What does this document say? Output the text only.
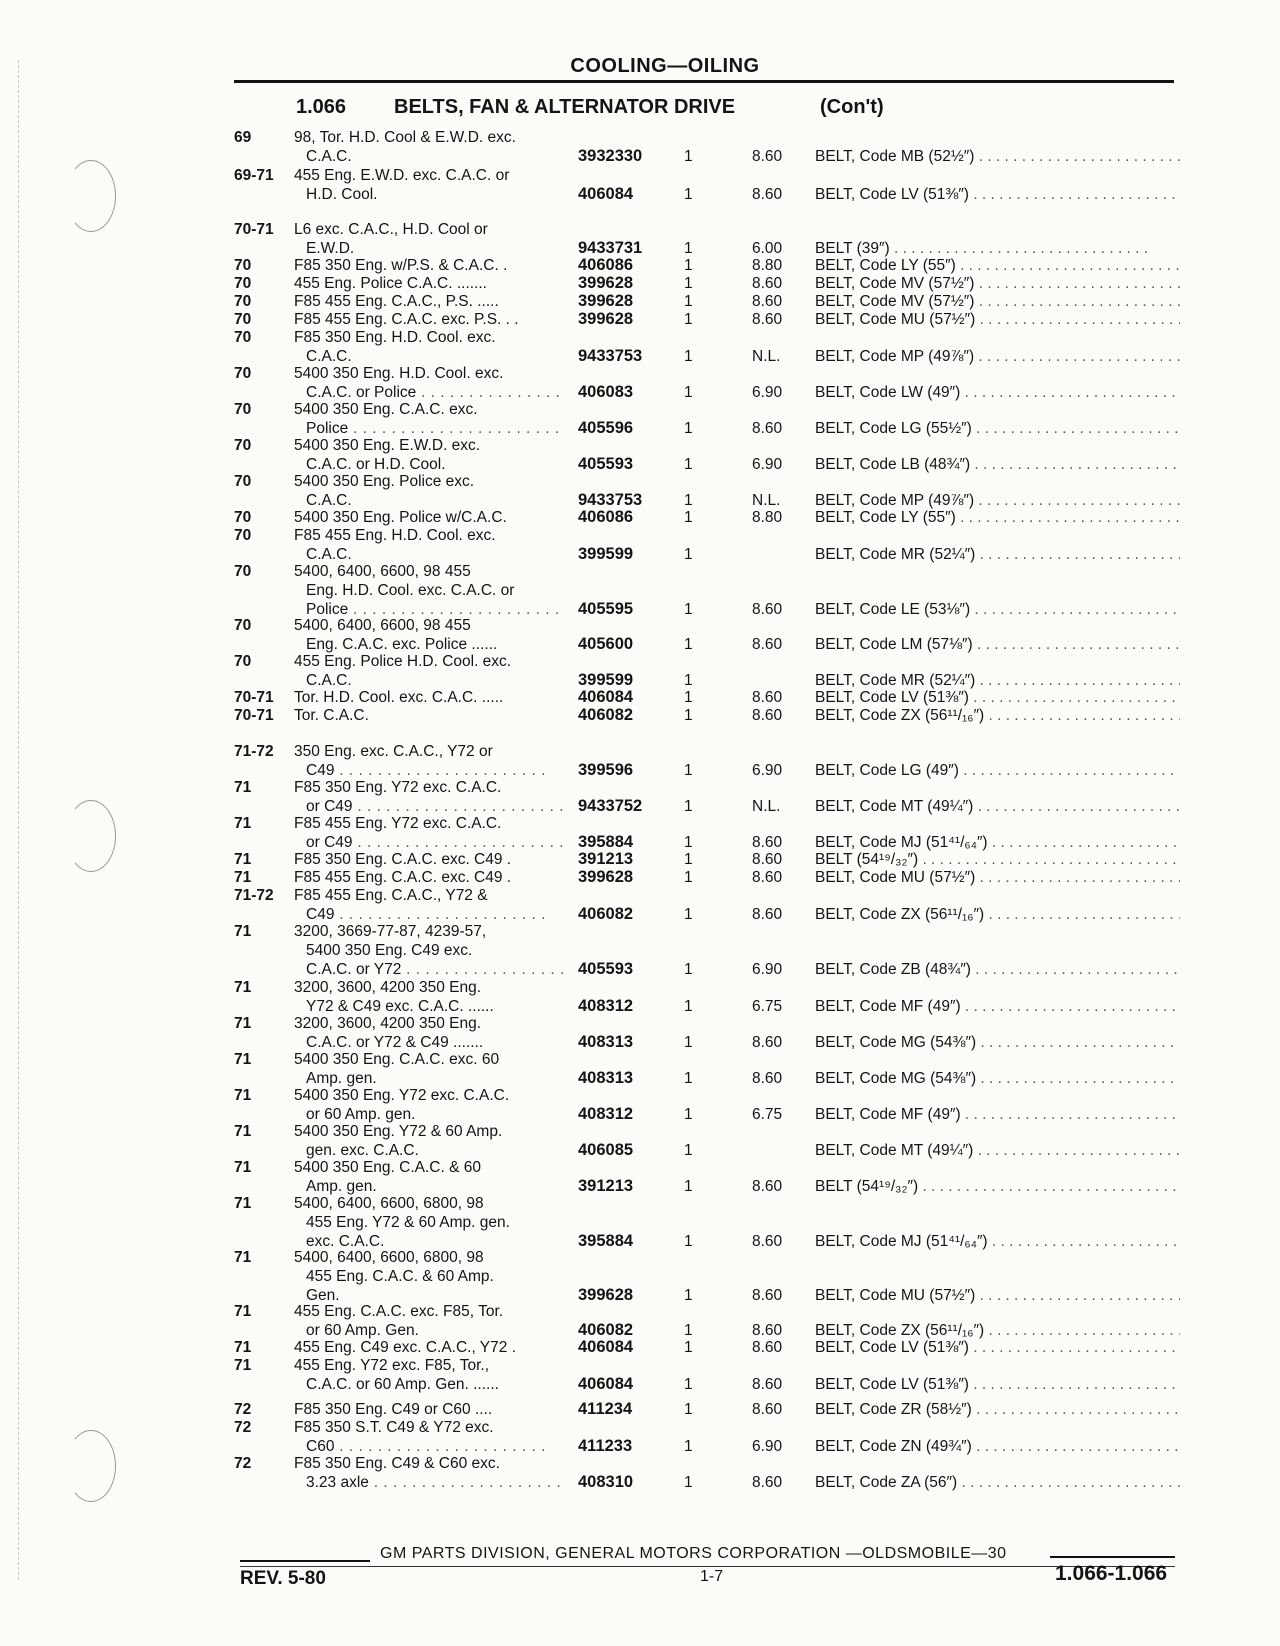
COOLING—OILING
1.066 BELTS, FAN & ALTERNATOR DRIVE	(Con't)
69	98, Tor. H.D. Cool & E.W.D. exc.
C.A.C.	3932330	1	8.60 BELT, Code MB (52½″) . . .
69-71 455 Eng. E.W.D. exc. C.A.C. or
H.D. Cool.	406084	1	8.60 BELT, Code LV (51⅜″) . . .
70-71 L6 exc. C.A.C., H.D. Cool or
E.W.D.	9433731	1	6.00 BELT (39″) . . .
70	F85 350 Eng. w/P.S. & C.A.C. .	406086	1	8.80 BELT, Code LY (55″) . . .
70	455 Eng. Police C.A.C. .......	399628	1	8.60 BELT, Code MV (57½″) . . .
70	F85 455 Eng. C.A.C., P.S. .....	399628	1	8.60 BELT, Code MV (57½″) . . .
70	F85 455 Eng. C.A.C. exc. P.S. . .	399628	1	8.60 BELT, Code MU (57½″) . . .
70	F85 350 Eng. H.D. Cool. exc.
C.A.C.	9433753	1	N.L. BELT, Code MP (49⅞″) . . .
70	5400 350 Eng. H.D. Cool. exc.
C.A.C. or Police . . .	406083	1	6.90 BELT, Code LW (49″) . . .
70	5400 350 Eng. C.A.C. exc.
Police . . .	405596	1	8.60 BELT, Code LG (55½″) . . .
70	5400 350 Eng. E.W.D. exc.
C.A.C. or H.D. Cool.	405593	1	6.90 BELT, Code LB (48¾″) . . .
70	5400 350 Eng. Police exc.
C.A.C.	9433753	1	N.L. BELT, Code MP (49⅞″) . . .
70	5400 350 Eng. Police w/C.A.C.	406086	1	8.80 BELT, Code LY (55″) . . .
70	F85 455 Eng. H.D. Cool. exc.
C.A.C.	399599	1	BELT, Code MR (52¼″) . . .
70	5400, 6400, 6600, 98 455
Eng. H.D. Cool. exc. C.A.C. or
Police . . .	405595	1	8.60 BELT, Code LE (53⅛″) . . .
70	5400, 6400, 6600, 98 455
Eng. C.A.C. exc. Police ......	405600	1	8.60 BELT, Code LM (57⅛″) . . .
70	455 Eng. Police H.D. Cool. exc.
C.A.C.	399599	1	BELT, Code MR (52¼″) . . .
70-71 Tor. H.D. Cool. exc. C.A.C. .....	406084	1	8.60 BELT, Code LV (51⅜″) . . .
70-71 Tor. C.A.C.	406082	1	8.60 BELT, Code ZX (56¹¹/₁₆″) . . .
71-72 350 Eng. exc. C.A.C., Y72 or
C49 . . .	399596	1	6.90 BELT, Code LG (49″) . . .
71	F85 350 Eng. Y72 exc. C.A.C.
or C49 . . .	9433752	1	N.L. BELT, Code MT (49¼″) . . .
71	F85 455 Eng. Y72 exc. C.A.C.
or C49 . . .	395884	1	8.60 BELT, Code MJ (51⁴¹/₆₄″) . . .
71	F85 350 Eng. C.A.C. exc. C49 .	391213	1	8.60 BELT (54¹⁹/₃₂″) . . .
71	F85 455 Eng. C.A.C. exc. C49 .	399628	1	8.60 BELT, Code MU (57½″) . . .
71-72 F85 455 Eng. C.A.C., Y72 &
C49 . . .	406082	1	8.60 BELT, Code ZX (56¹¹/₁₆″) . . .
71	3200, 3669-77-87, 4239-57,
5400 350 Eng. C49 exc.
C.A.C. or Y72 . . .	405593	1	6.90 BELT, Code ZB (48¾″) . . .
71	3200, 3600, 4200 350 Eng.
Y72 & C49 exc. C.A.C. ......	408312	1	6.75 BELT, Code MF (49″) . . .
71	3200, 3600, 4200 350 Eng.
C.A.C. or Y72 & C49 .......	408313	1	8.60 BELT, Code MG (54⅜″) . . .
71	5400 350 Eng. C.A.C. exc. 60
Amp. gen.	408313	1	8.60 BELT, Code MG (54⅜″) . . .
71	5400 350 Eng. Y72 exc. C.A.C.
or 60 Amp. gen.	408312	1	6.75 BELT, Code MF (49″) . . .
71	5400 350 Eng. Y72 & 60 Amp.
gen. exc. C.A.C.	406085	1	BELT, Code MT (49¼″) . . .
71	5400 350 Eng. C.A.C. & 60
Amp. gen.	391213	1	8.60 BELT (54¹⁹/₃₂″) . . .
71	5400, 6400, 6600, 6800, 98
455 Eng. Y72 & 60 Amp. gen.
exc. C.A.C.	395884	1	8.60 BELT, Code MJ (51⁴¹/₆₄″) . . .
71	5400, 6400, 6600, 6800, 98
455 Eng. C.A.C. & 60 Amp.
Gen.	399628	1	8.60 BELT, Code MU (57½″) . . .
71	455 Eng. C.A.C. exc. F85, Tor.
or 60 Amp. Gen.	406082	1	8.60 BELT, Code ZX (56¹¹/₁₆″) . . .
71	455 Eng. C49 exc. C.A.C., Y72 .	406084	1	8.60 BELT, Code LV (51⅜″) . . .
71	455 Eng. Y72 exc. F85, Tor.,
C.A.C. or 60 Amp. Gen. ......	406084	1	8.60 BELT, Code LV (51⅜″) . . .
72	F85 350 Eng. C49 or C60 ....	411234	1	8.60 BELT, Code ZR (58½″) . . .
72	F85 350 S.T. C49 & Y72 exc.
C60 . . .	411233	1	6.90 BELT, Code ZN (49¾″) . . .
72	F85 350 Eng. C49 & C60 exc.
3.23 axle . . .	408310	1	8.60 BELT, Code ZA (56″) . . .
GM PARTS DIVISION, GENERAL MOTORS CORPORATION —OLDSMOBILE—30
REV. 5-80	1-7	1.066-1.066
